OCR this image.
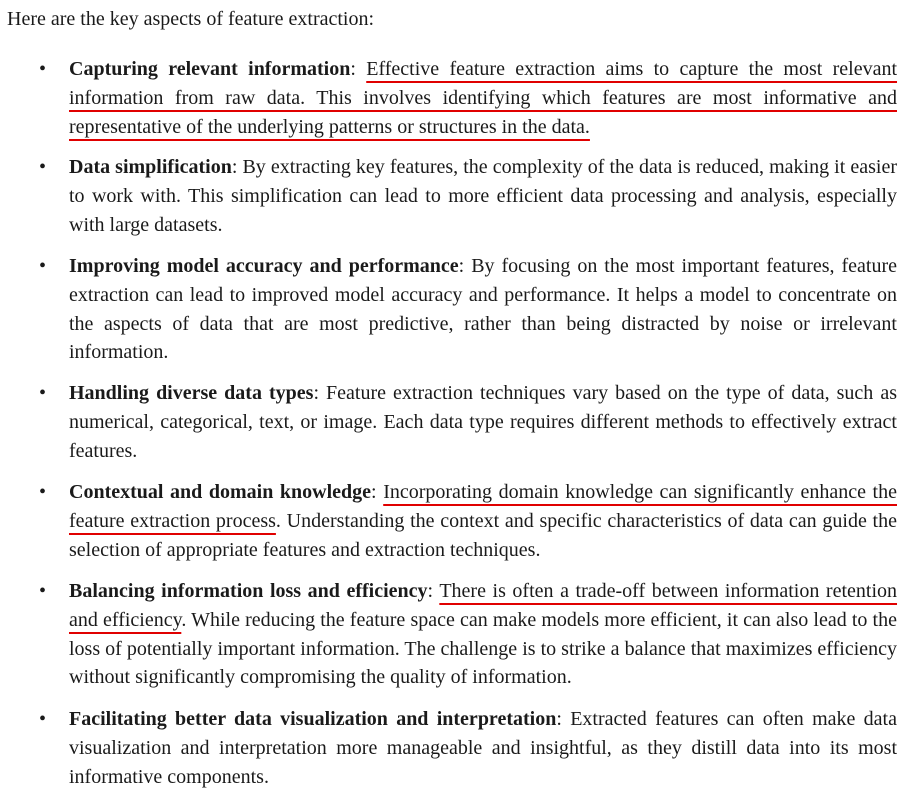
Here are the key aspects of feature extraction:

• Capturing relevant information: Effective feature extraction aims to capture the most relevant information from raw data. This involves identifying which features are most informative and representative of the underlying patterns or structures in the data.
• Data simplification: By extracting key features, the complexity of the data is reduced, making it easier to work with. This simplification can lead to more efficient data processing and analysis, especially with large datasets.
• Improving model accuracy and performance: By focusing on the most important features, feature extraction can lead to improved model accuracy and performance. It helps a model to concentrate on the aspects of data that are most predictive, rather than being distracted by noise or irrelevant information.
• Handling diverse data types: Feature extraction techniques vary based on the type of data, such as numerical, categorical, text, or image. Each data type requires different methods to effectively extract features.
• Contextual and domain knowledge: Incorporating domain knowledge can significantly enhance the feature extraction process. Understanding the context and specific characteristics of data can guide the selection of appropriate features and extraction techniques.
• Balancing information loss and efficiency: There is often a trade-off between information retention and efficiency. While reducing the feature space can make models more efficient, it can also lead to the loss of potentially important information. The challenge is to strike a balance that maximizes efficiency without significantly compromising the quality of information.
• Facilitating better data visualization and interpretation: Extracted features can often make data visualization and interpretation more manageable and insightful, as they distill data into its most informative components.
